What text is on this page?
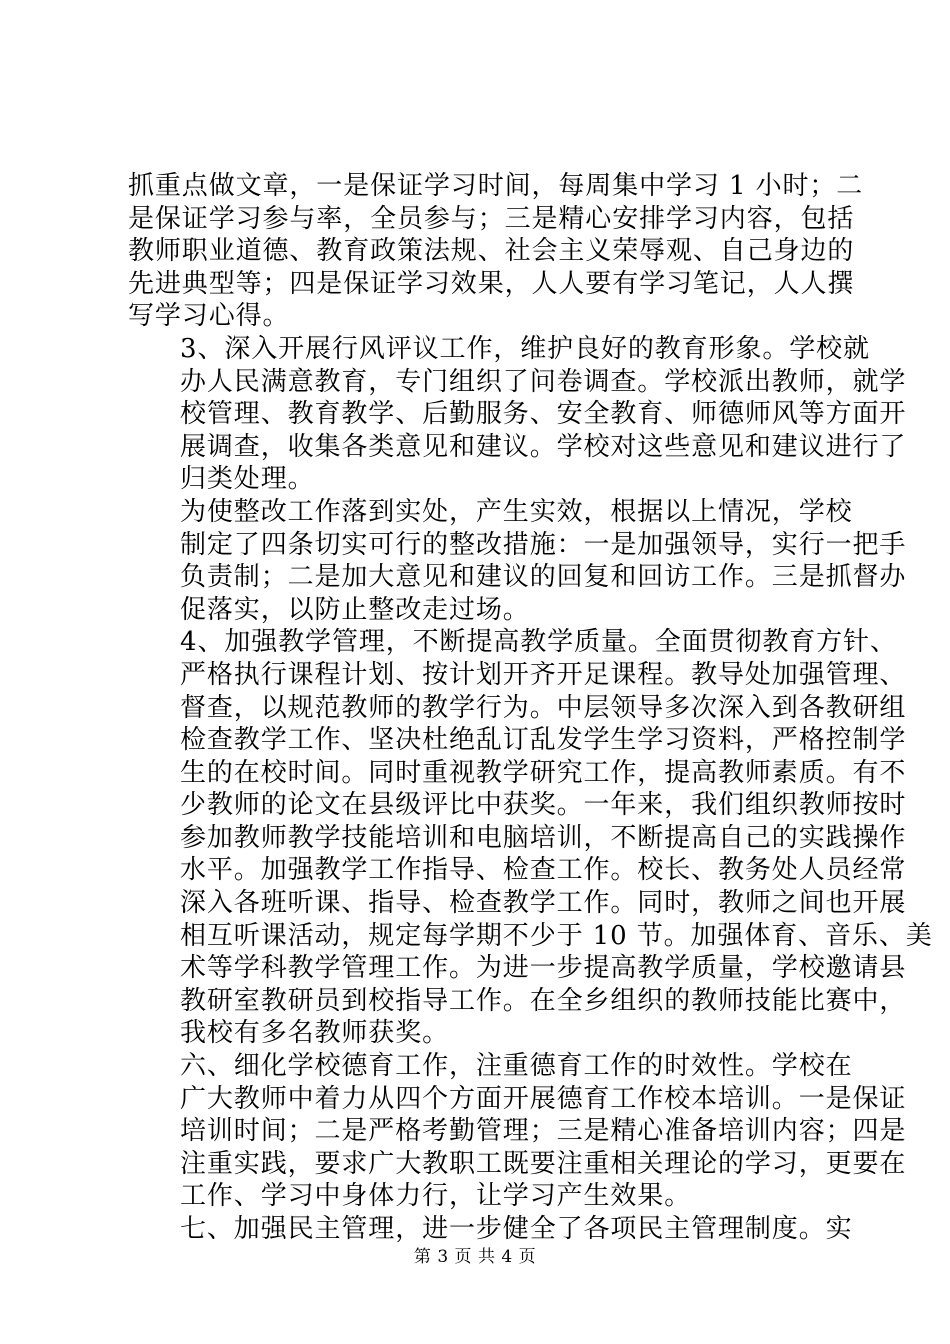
抓重点做文章，一是保证学习时间，每周集中学习 1 小时；二
是保证学习参与率，全员参与；三是精心安排学习内容，包括
教师职业道德、教育政策法规、社会主义荣辱观、自己身边的
先进典型等；四是保证学习效果，人人要有学习笔记，人人撰
写学习心得。

3、深入开展行风评议工作，维护良好的教育形象。学校就
办人民满意教育，专门组织了问卷调查。学校派出教师，就学
校管理、教育教学、后勤服务、安全教育、师德师风等方面开
展调查，收集各类意见和建议。学校对这些意见和建议进行了
归类处理。

为使整改工作落到实处，产生实效，根据以上情况，学校
制定了四条切实可行的整改措施：一是加强领导，实行一把手
负责制；二是加大意见和建议的回复和回访工作。三是抓督办
促落实，以防止整改走过场。

4、加强教学管理，不断提高教学质量。全面贯彻教育方针、
严格执行课程计划、按计划开齐开足课程。教导处加强管理、
督查，以规范教师的教学行为。中层领导多次深入到各教研组
检查教学工作、坚决杜绝乱订乱发学生学习资料，严格控制学
生的在校时间。同时重视教学研究工作，提高教师素质。有不
少教师的论文在县级评比中获奖。一年来，我们组织教师按时
参加教师教学技能培训和电脑培训，不断提高自己的实践操作
水平。加强教学工作指导、检查工作。校长、教务处人员经常
深入各班听课、指导、检查教学工作。同时，教师之间也开展
相互听课活动，规定每学期不少于 10 节。加强体育、音乐、美
术等学科教学管理工作。为进一步提高教学质量，学校邀请县
教研室教研员到校指导工作。在全乡组织的教师技能比赛中，
我校有多名教师获奖。

六、细化学校德育工作，注重德育工作的时效性。学校在
广大教师中着力从四个方面开展德育工作校本培训。一是保证
培训时间；二是严格考勤管理；三是精心准备培训内容；四是
注重实践，要求广大教职工既要注重相关理论的学习，更要在
工作、学习中身体力行，让学习产生效果。

七、加强民主管理，进一步健全了各项民主管理制度。实

第 3 页 共 4 页
